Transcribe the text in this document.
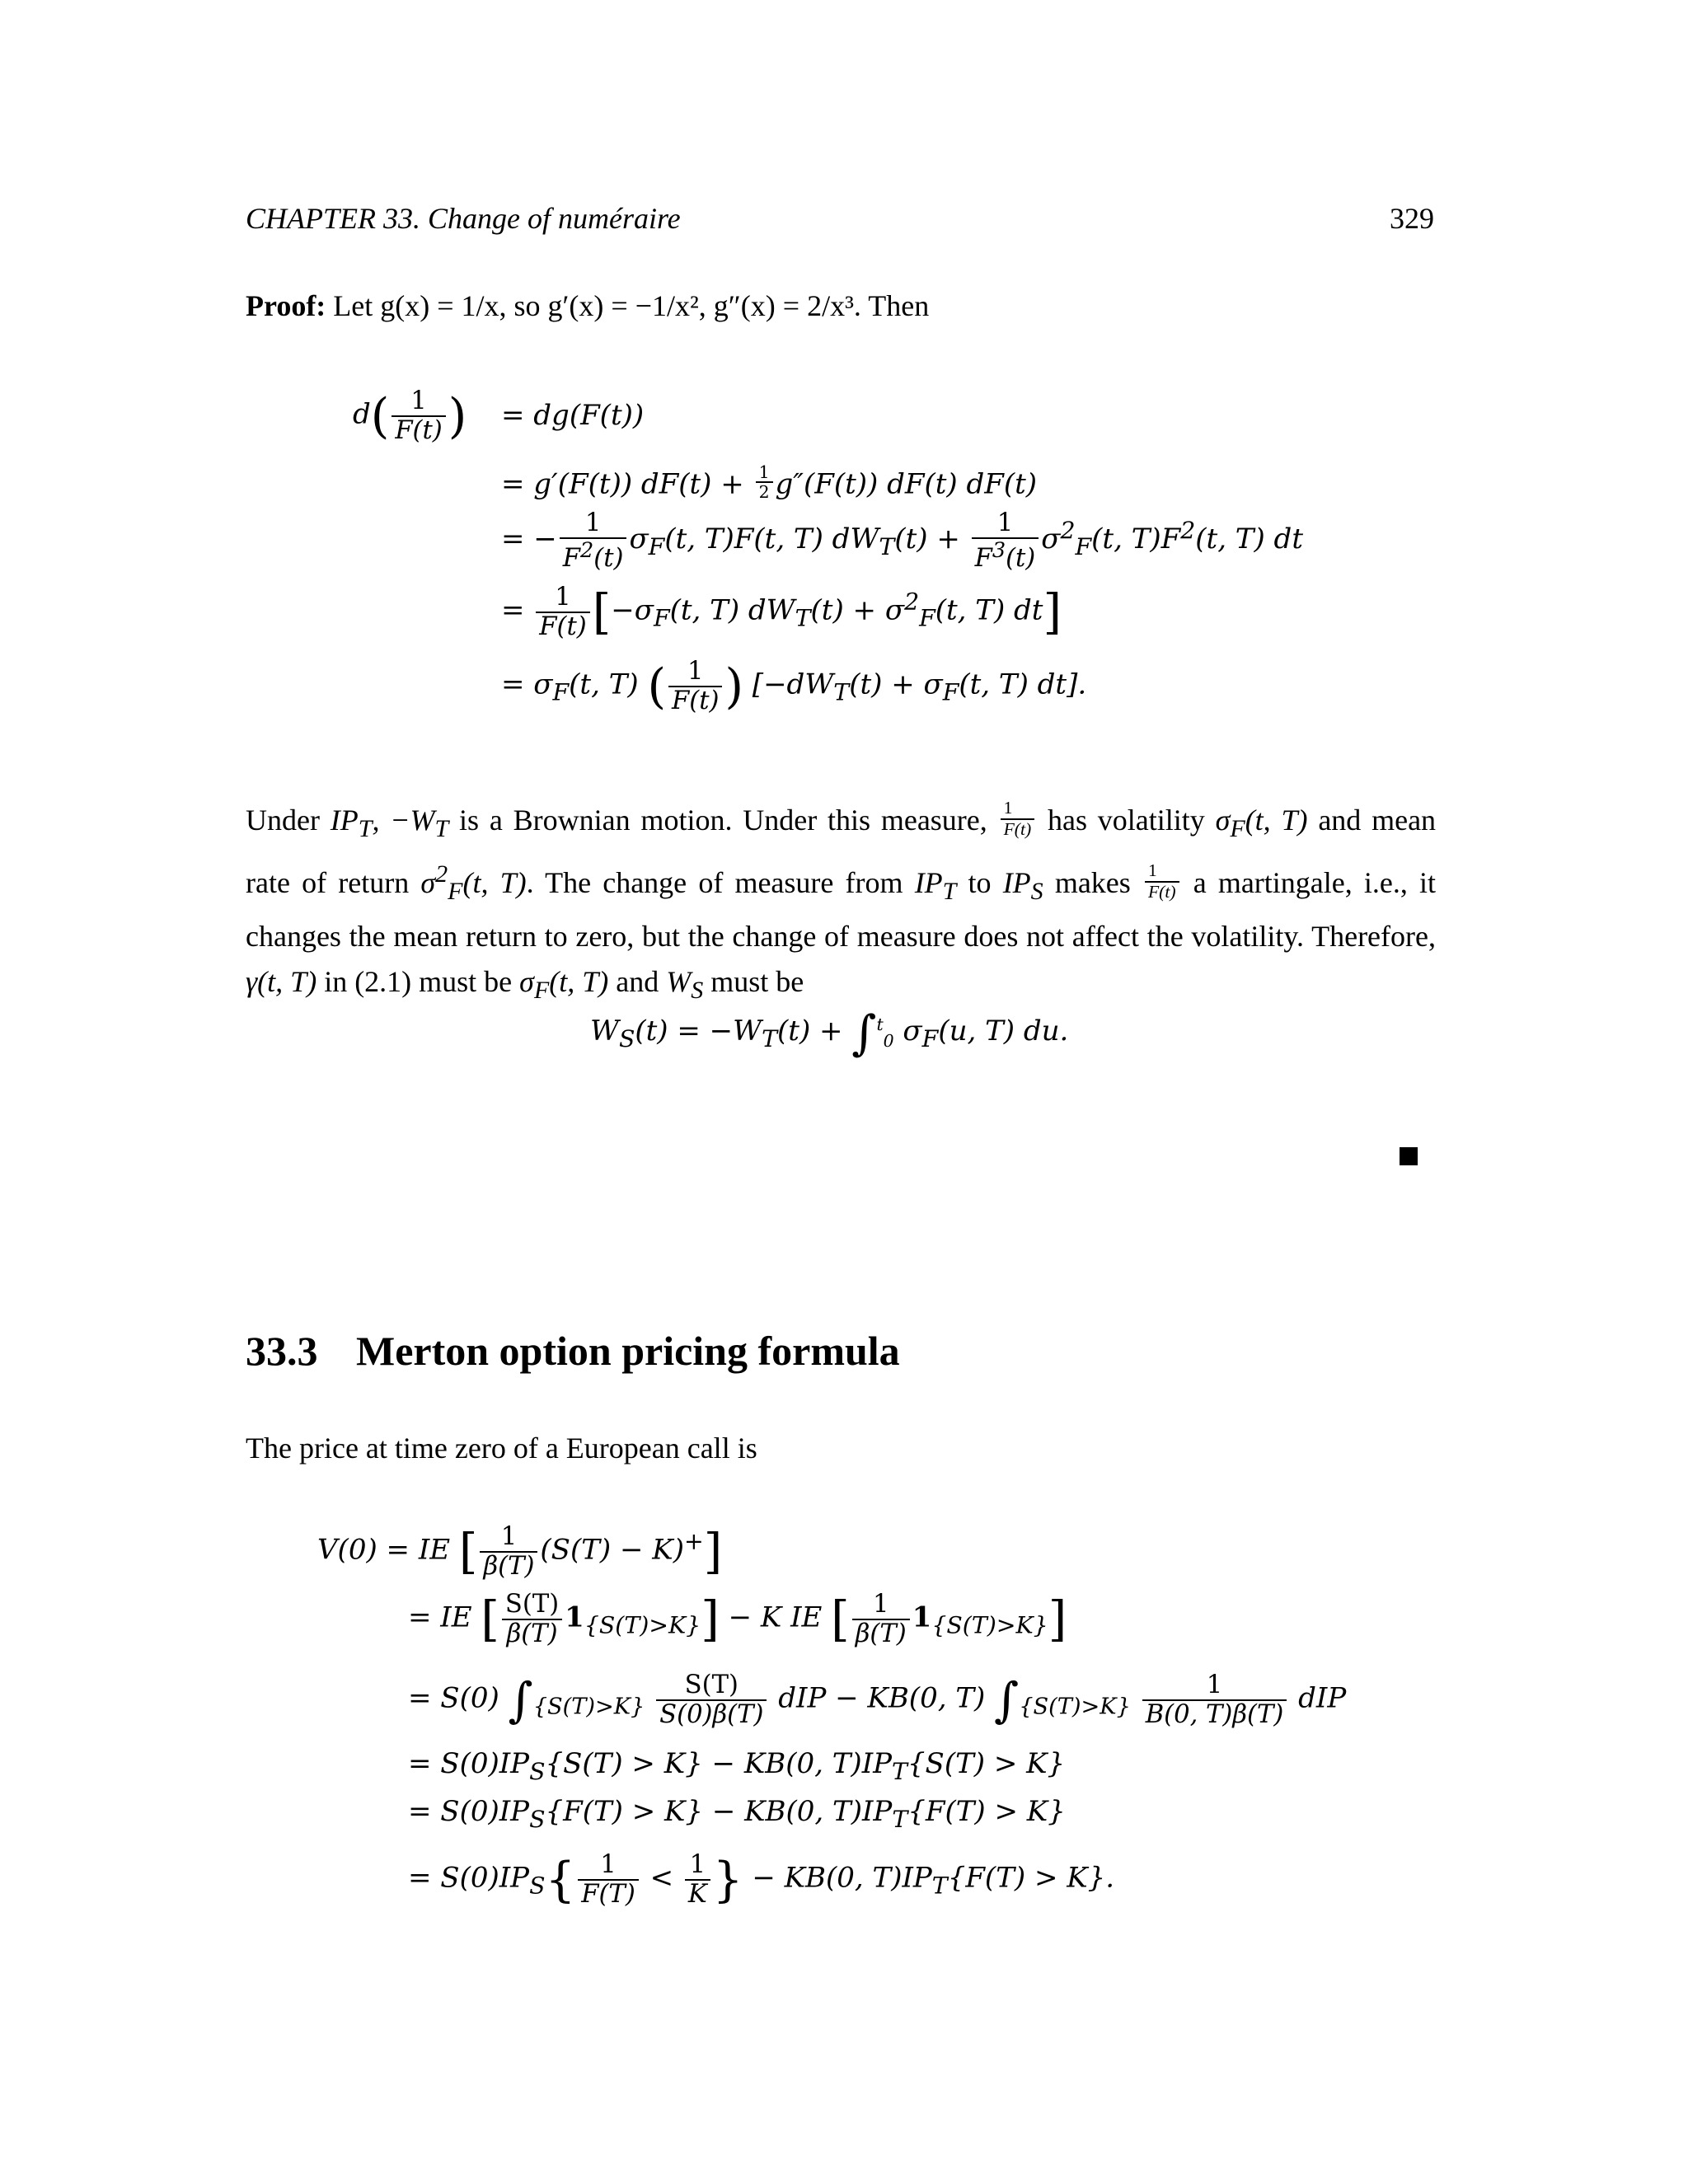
CHAPTER 33. Change of numéraire	329
Proof: Let g(x) = 1/x, so g′(x) = −1/x², g″(x) = 2/x³. Then
$d( \frac{1}{F(t)}$ ) = dg(F(t))
= g′(F(t)) $dF(t) + \frac{1}{2} g''(F(t))$ dF(t) dF(t)
= − $\frac{1}{F^2(t)} \sigma_F(t$, T)F(t, T) $dW_T(t) + \frac{1}{F^3(t)} \sigma^2_F(t$, $T)F^2(t$, T) dt
= $\frac{1}{F(t)} [-\sigma_F(t$, T) $dW_T(t) + \sigma^2_F(t$, T) dt]
= $\sigma_F(t$, T) ( $\frac{1}{F(t)}$ ) [$-dW_T(t) + \sigma_F(t$, T) dt].
Under $IP_T$, $-W_T$ is a Brownian motion. Under this measure, $\frac{1}{F(t)}$ has volatility $\sigma_F(t$, T) and mean
rate of return $\sigma^2_F(t$, T). The change of measure from $IP_T$ to $IP_S$ makes $\frac{1}{F(t)}$ a martingale, i.e., it
changes the mean return to zero, but the change of measure does not affect the volatility. Therefore,
γ(t, T) in (2.1) must be $\sigma_F(t$, T) and $W_S$ must be
$W_S(t) = -W_T(t) + \int^t_0$ $\sigma_F(u$, T) du.
33.3 Merton option pricing formula
The price at time zero of a European call is
V(0) = IE [ $\frac{1}{\beta(T)} (S(T) - K)^+$]
= IE [ $\frac{S(T)}{\beta(T)} 1_{\{S(T)>K\}}] - K$ IE [ $\frac{1}{\beta(T)} 1_{\{S(T)>K\}}$]
= S(0) $\int_{\{S(T)>K\}} \frac{S(T)}{S(0)\beta(T)}$ dIP − KB(0, T) $\int_{\{S(T)>K\}} \frac{1}{B(0, T)\beta(T)}$ dIP
= $S(0)IP_S\{S(T) > K\} - KB(0$, $T)IP_T\{S(T) > K\}$
= $S(0)IP_S\{F(T) > K\} - KB(0$, $T)IP_T\{F(T) > K\}$
= $S(0)IP_S\{ \frac{1}{F(T)} < \frac{1}{K}$ } − KB(0, $T)IP_T\{F(T) > K\}$.
